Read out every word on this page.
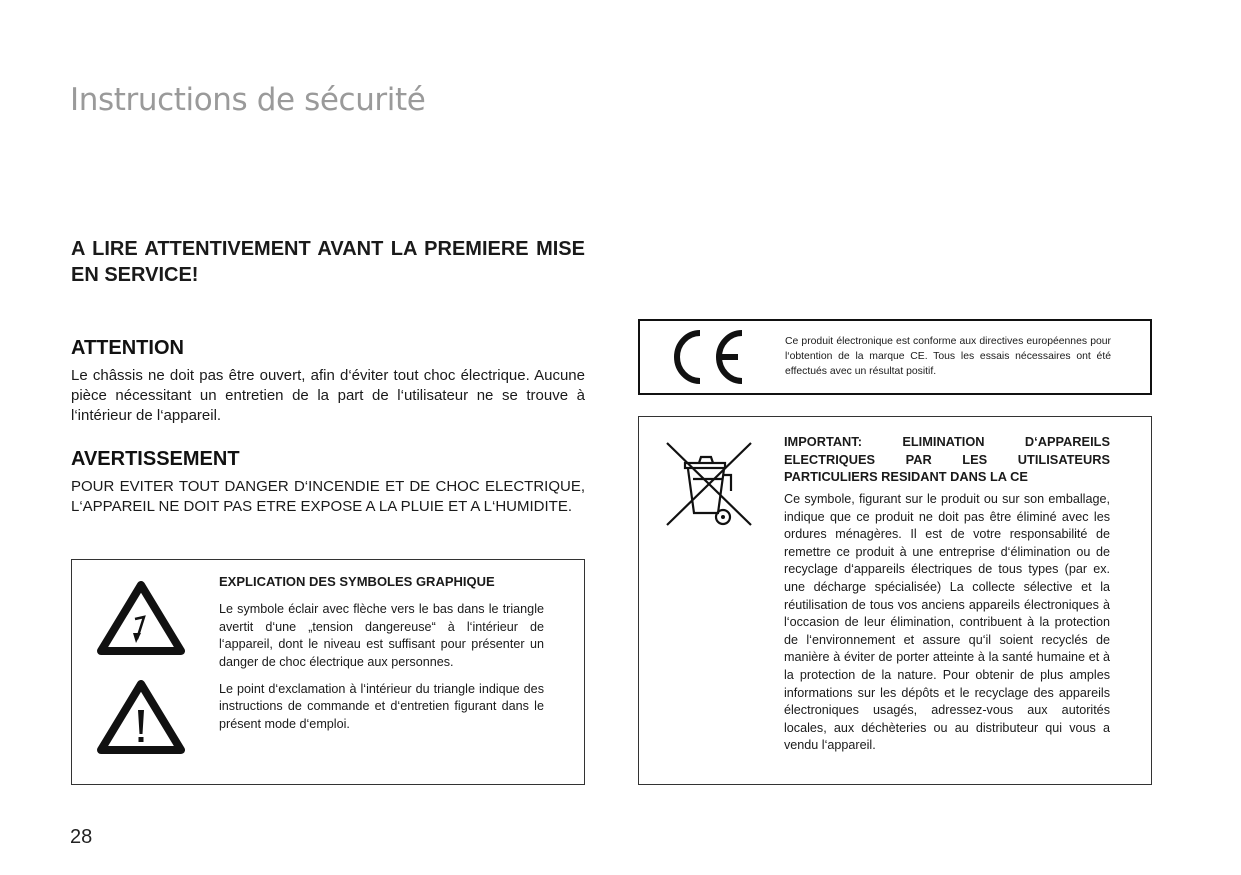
Instructions de sécurité
A LIRE ATTENTIVEMENT AVANT LA PREMIERE MISE EN SERVICE!
ATTENTION

Le châssis ne doit pas être ouvert, afin d‘éviter tout choc électrique. Aucune pièce nécessitant un entretien de la part de l‘utilisateur ne se trouve à l‘intérieur de l‘appareil.

AVERTISSEMENT

POUR EVITER TOUT DANGER D‘INCENDIE ET DE CHOC ELECTRIQUE, L‘APPAREIL NE DOIT PAS ETRE EXPOSE A LA PLUIE ET A L‘HUMIDITE.

EXPLICATION DES SYMBOLES GRAPHIQUE

Le symbole éclair avec flèche vers le bas dans le triangle avertit d‘une „tension dangereuse“ à l‘intérieur de l‘appareil, dont le niveau est suffisant pour présenter un danger de choc électrique aux personnes.

Le point d‘exclamation à l‘intérieur du triangle indique des instructions de commande et d‘entretien figurant dans le présent mode d‘emploi.

CE
Ce produit électronique est conforme aux directives européennes pour l‘obtention de la marque CE. Tous les essais nécessaires ont été effectués avec un résultat positif.
IMPORTANT: ELIMINATION D‘APPAREILS ELECTRIQUES PAR LES UTILISATEURS PARTICULIERS RESIDANT DANS LA CE
Ce symbole, figurant sur le produit ou sur son emballage, indique que ce produit ne doit pas être éliminé avec les ordures ménagères. Il est de votre responsabilité de remettre ce produit à une entreprise d‘élimination ou de recyclage d‘appareils électriques de tous types (par ex. une décharge spécialisée) La collecte sélective et la réutilisation de tous vos anciens appareils électroniques à l‘occasion de leur élimination, contribuent à la protection de l‘environnement et assure qu‘il soient recyclés de manière à éviter de porter atteinte à la santé humaine et à la protection de la nature. Pour obtenir de plus amples informations sur les dépôts et le recyclage des appareils électroniques usagés, adressez-vous aux autorités locales, aux déchèteries ou au distributeur qui vous a vendu l‘appareil.
28
